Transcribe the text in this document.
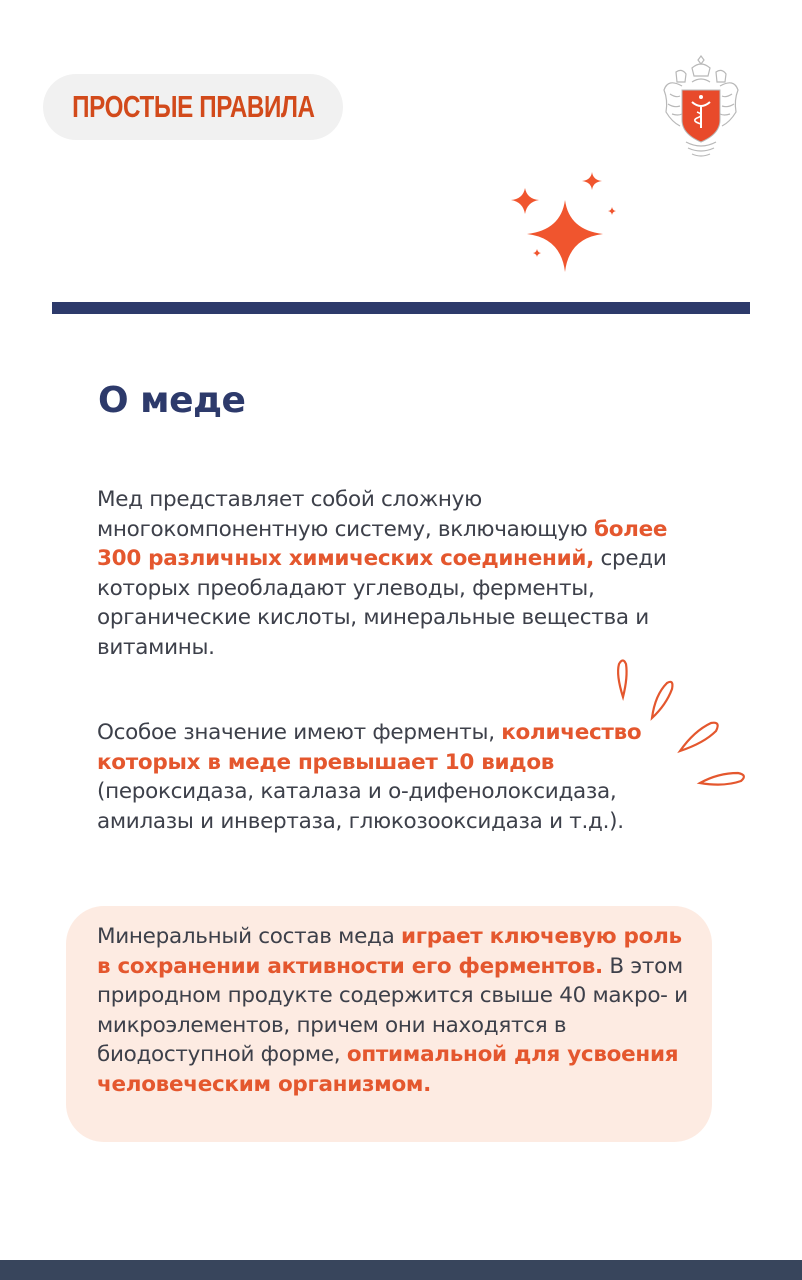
ПРОСТЫЕ ПРАВИЛА
О меде

Мед представляет собой сложную многокомпонентную систему, включающую более 300 различных химических соединений, среди которых преобладают углеводы, ферменты, органические кислоты, минеральные вещества и витамины.

Особое значение имеют ферменты, количество которых в меде превышает 10 видов (пероксидаза, каталаза и о-дифенолоксидаза, амилазы и инвертаза, глюкозооксидаза и т.д.).

Минеральный состав меда играет ключевую роль в сохранении активности его ферментов. В этом природном продукте содержится свыше 40 макро- и микроэлементов, причем они находятся в биодоступной форме, оптимальной для усвоения человеческим организмом.
